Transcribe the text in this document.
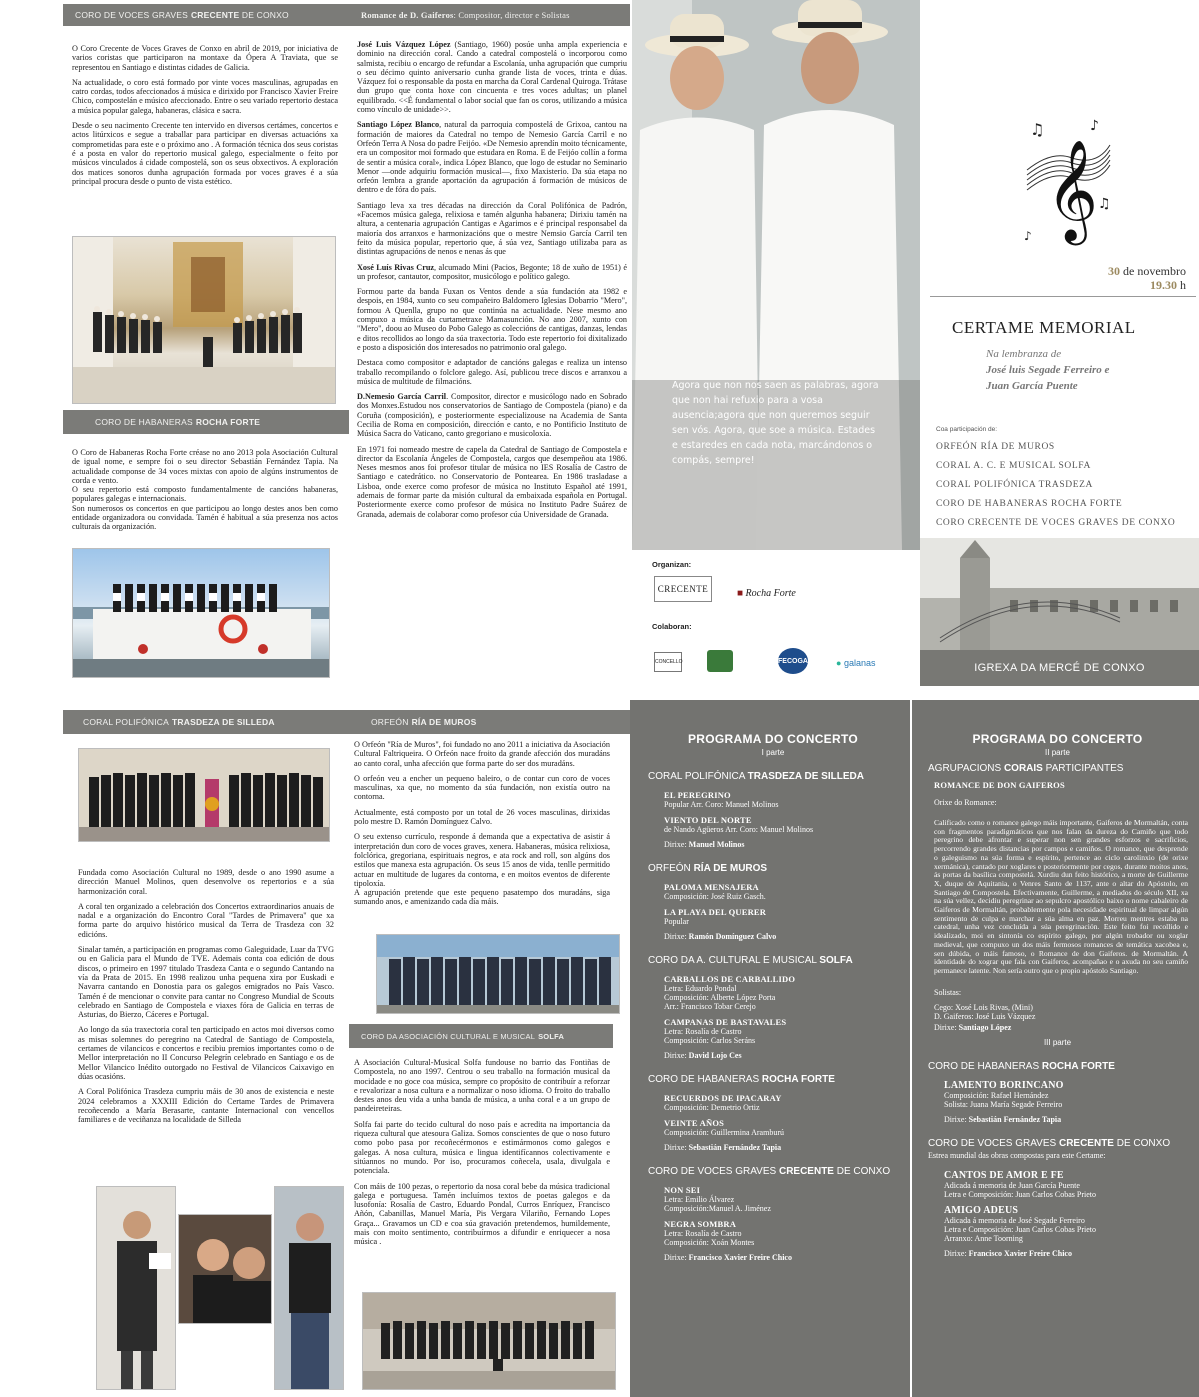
CORO DE VOCES GRAVES CRECENTE
DE CONXO	Romance de D. Gaiferos : Compositor, director e Solistas

O Coro Crecente de Voces Graves de Conxo en abril de 2019, por iniciativa de varios coristas que participaron na montaxe da Ópera A Traviata, que se representou en Santiago e distintas cidades de Galicia.

Na actualidade, o coro está formado por vinte voces masculinas, agrupadas en catro cordas, todos afeccionados á música e dirixido por Francisco Xavier Freire Chico, compostelán e músico afeccionado. Entre o seu variado repertorio destaca a música popular galega, habaneras, clásica e sacra.

Desde o seu nacimento Crecente ten intervido en diversos certámes, concertos e actos litúrxicos e segue a traballar para participar en diversas actuacións xa comprometidas para este e o próximo ano . A formación técnica dos seus coristas é a posta en valor do repertorio musical galego, especialmente o feito por músicos vinculados á cidade compostelá, son os seus obxectivos. A exploración dos matices sonoros dunha agrupación formada por voces graves é a súa principal procura desde o punto de vista estético.

CORO DE HABANERAS ROCHA FORTE

O Coro de Habaneras Rocha Forte créase no ano 2013 pola Asociación Cultural de igual nome, e sempre foi o seu director Sebastián Fernández Tapia. Na actualidade componse de 34 voces mixtas con apoio de algúns instrumentos de corda e vento.

O seu repertorio está composto fundamentalmente de cancións habaneras, populares galegas e internacionais.

Son numerosos os concertos en que participou ao longo destes anos ben como entidade organizadora ou convidada. Tamén é habitual a súa presenza nos actos culturais da organización.

José Luis Vázquez López (Santiago, 1960) posúe unha ampla experiencia e dominio na dirección coral. Cando a catedral compostelá o incorporou como salmista, recibiu o encargo de refundar a Escolanía, unha agrupación que cumpriu o seu décimo quinto aniversario cunha grande lista de voces, trinta e dúas. Vázquez foi o responsable da posta en marcha da Coral Cardenal Quiroga. Trátase dun grupo que conta hoxe con cincuenta e tres voces adultas; un planel equilibrado. <<É fundamental o labor social que fan os coros, utilizando a música como vínculo de unidade>>.

Santiago López Blanco, natural da parroquia compostelá de Grixoa, cantou na formación de maiores da Catedral no tempo de Nemesio García Carril e no Orfeón Terra A Nosa do padre Feijóo. «De Nemesio aprendín moito técnicamente, era un compositor moi formado que estudara en Roma. E de Feijóo collín a forma de sentir a música coral», indica López Blanco, que logo de estudar no Seminario Menor —onde adquiriu formación musical—, fixo Maxisterio. Da súa etapa no orfeón lembra a grande aportación da agrupación á formación de músicos de dentro e de fóra do país.

Santiago leva xa tres décadas na dirección da Coral Polifónica de Padrón, «Facemos música galega, relixiosa e tamén algunha habanera; Dirixiu tamén na altura, a centenaria agrupación Cantigas e Agarimos e é principal responsabel da maioría dos arranxos e harmonizacións que o mestre Nemsio García Carril ten feito da música popular, repertorio que, á súa vez, Santiago utilizaba para as distintas agrupacións de nenos e nenas ás que

Xosé Luís Rivas Cruz, alcumado Mini (Pacios, Begonte; 18 de xuño de 1951) é un profesor, cantautor, compositor, musicólogo e político galego.

Formou parte da banda Fuxan os Ventos dende a súa fundación ata 1982 e despois, en 1984, xunto co seu compañeiro Baldomero Iglesias Dobarrio "Mero", formou A Quenlla, grupo no que continúa na actualidade. Nese mesmo ano compuxo a música da curtametraxe Mamasunción. No ano 2007, xunto con "Mero", doou ao Museo do Pobo Galego as coleccións de cantigas, danzas, lendas e ditos recollidos ao longo da súa traxectoria. Todo este repertorio foi dixitalizado e posto a disposición dos interesados no patrimonio oral galego.

Destaca como compositor e adaptador de cancións galegas e realiza un intenso traballo recompilando o folclore galego. Así, publicou trece discos e arranxou a música de multitude de filmacións.

D.Nemesio García Carril. Compositor, director e musicólogo nado en Sobrado dos Monxes.Estudou nos conservatorios de Santiago de Compostela (piano) e da Coruña (composición), e posteriormente especializouse na Academia de Santa Cecilia de Roma en composición, dirección e canto, e no Pontificio Instituto de Música Sacra do Vaticano, canto gregoriano e musicoloxía.

En 1971 foi nomeado mestre de capela da Catedral de Santiago de Compostela e director da Escolanía Ángeles de Compostela, cargos que desempeñou ata 1986. Neses mesmos anos foi profesor titular de música no IES Rosalía de Castro de Santiago e catedrático. no Conservatorio de Pontearea. En 1986 trasladase a Lisboa, onde exerce como profesor de música no Instituto Español até 1991, ademais de formar parte da misión cultural da embaixada española en Portugal. Posteriormente exerce como profesor de música no Instituto Padre Suárez de Granada, ademais de colaborar como profesor cúa Universidade de Granada.

Agora que non nos saen as palabras, agora que non hai refuxio para a vosa ausencia;agora que non queremos seguir sen vós. Agora, que soe a música. Estades e estaredes en cada nota, marcándonos o compás, sempre!
Organizan:
CRECENTE	■ Rocha Forte
Colaboran:
CONCELLO	FECOGA	● galanas
𝄞
♫	♪
♫
♪
30 de novembro
19.30 h
CERTAME MEMORIAL
Na lembranza de
José luis Segade Ferreiro e
Juan García Puente
Coa participación de:
ORFEÓN RÍA DE MUROS
CORAL A. C. E MUSICAL SOLFA
CORAL POLIFÓNICA TRASDEZA
CORO DE HABANERAS ROCHA FORTE
CORO CRECENTE DE VOCES GRAVES DE CONXO
IGREXA DA MERCÉ DE
CONXO
CORAL POLIFÓNICA TRASDEZA DE SILLEDA	ORFEÓN RÍA DE MUROS

Fundada como Asociación Cultural no 1989, desde o ano 1990 asume a dirección Manuel Molinos, quen desenvolve os repertorios e a súa harmonización coral.

A coral ten organizado a celebración dos Concertos extraordinarios anuais de nadal e a organización do Encontro Coral "Tardes de Primavera" que xa forma parte do arquivo histórico musical da Terra de Trasdeza con 32 edicións.

Sinalar tamén, a participación en programas como Galeguidade, Luar da TVG ou en Galicia para el Mundo de TVE. Ademais conta coa edición de dous discos, o primeiro en 1997 titulado Trasdeza Canta e o segundo Cantando na vía da Prata de 2015. En 1998 realizou unha pequena xira por Euskadi e Navarra cantando en Donostia para os galegos emigrados no País Vasco. Tamén é de mencionar o convite para cantar no Congreso Mundial de Scouts celebrado en Santiago de Compostela e viaxes fóra de Galicia en terras de Asturias, do Bierzo, Cáceres e Portugal.

Ao longo da súa traxectoria coral ten participado en actos moi diversos como as misas solemnes do peregrino na Catedral de Santiago de Compostela, certames de vilancicos e concertos e recibiu premios importantes como o de Mellor interpretación no II Concurso Pelegrín celebrado en Santiago e os de Mellor Vilancico Inédito outorgado no Festival de Vilancicos Caixavigo en dúas ocasións.

A Coral Polifónica Trasdeza cumpriu máis de 30 anos de existencia e neste 2024 celebramos a XXXIII Edición do Certame Tardes de Primavera recoñecendo a María Berasarte, cantante Internacional con vencellos familiares e de veciñanza na localidade de Silleda

O Orfeón "Ría de Muros", foi fundado no ano 2011 a iniciativa da Asociación Cultural Faltriqueira. O Orfeón nace froito da grande afección dos muradáns ao canto coral, unha afección que forma parte do ser dos muradáns.

O orfeón veu a encher un pequeno baleiro, o de contar cun coro de voces masculinas, xa que, no momento da súa fundación, non existía outro na contorna.

Actualmente, está composto por un total de 26 voces masculinas, dirixidas polo mestre D. Ramón Domínguez Calvo.

O seu extenso currículo, responde á demanda que a expectativa de asistir á interpretación dun coro de voces graves, xenera. Habaneras, música relixiosa, folclórica, gregoriana, espirituais negros, e ata rock and roll, son algúns dos estilos que manexa esta agrupación. Os seus 15 anos de vida, tenlle permitido actuar en multitude de lugares da contorna, e en moitos eventos de diferente tipoloxía.

A agrupación pretende que este pequeno pasatempo dos muradáns, siga sumando anos, e amenizando cada día máis.

CORO DA ASOCIACIÓN CULTURAL E MUSICAL SOLFA

A Asociación Cultural-Musical Solfa fundouse no barrio das Fontiñas de Compostela, no ano 1997. Centrou o seu traballo na formación musical da mocidade e no goce coa música, sempre co propósito de contribuír a reforzar e revalorizar a nosa cultura e a normalizar o noso idioma. O froito do traballo destes anos deu vida a unha banda de música, a unha coral e a un grupo de pandeireteiras.

Solfa fai parte do tecido cultural do noso país e acredita na importancia da riqueza cultural que atesoura Galiza. Somos conscientes de que o noso futuro como pobo pasa por recoñecérmonos e estimármonos como galegos e galegas. A nosa cultura, música e lingua identifícannos colectivamente e sitúannos no mundo. Por iso, procuramos coñecela, usala, divulgala e potenciala.

Con máis de 100 pezas, o repertorio da nosa coral bebe da música tradicional galega e portuguesa. Tamén incluímos textos de poetas galegos e da lusofonía: Rosalía de Castro, Eduardo Pondal, Curros Enríquez, Francisco Añón, Cabanillas, Manuel María, Pis Vergara Vilariño, Fernando Lopes Graça... Gravamos un CD e coa súa gravación pretendemos, humildemente, mais con moito sentimento, contribuírmos a difundir e enriquecer a nosa música .

PROGRAMA DO CONCERTO
I parte
CORAL POLIFÓNICA TRASDEZA DE SILLEDA
EL PEREGRINO
Popular Arr. Coro: Manuel Molinos
VIENTO DEL NORTE
de Nando Agüeros Arr. Coro: Manuel Molinos
Dirixe: Manuel Molinos
ORFEÓN RÍA DE MUROS
PALOMA MENSAJERA
Composición: José Ruiz Gasch.
LA PLAYA DEL QUERER
Popular
Dirixe: Ramón Domínguez Calvo
CORO DA A. CULTURAL E MUSICAL SOLFA
CARBALLOS DE CARBALLIDO
Letra: Eduardo Pondal
Composición: Alberte López Porta
Arr.: Francisco Tobar Cerejo
CAMPANAS DE BASTAVALES
Letra: Rosalía de Castro
Composición: Carlos Seráns
Dirixe: David Lojo Ces
CORO DE HABANERAS ROCHA FORTE
RECUERDOS DE IPACARAY
Composición: Demetrio Ortiz
VEINTE AÑOS
Composición: Guillermina Aramburú
Dirixe: Sebastián Fernández Tapia
CORO DE VOCES GRAVES CRECENTE DE CONXO
NON SEI
Letra: Emilio Álvarez
Composición:Manuel A. Jiménez
NEGRA SOMBRA
Letra: Rosalía de Castro
Composición: Xoán Montes
Dirixe: Francisco Xavier Freire Chico
PROGRAMA DO CONCERTO
II parte
AGRUPACIONS CORAIS PARTICIPANTES
ROMANCE DE DON GAIFEROS
Orixe do Romance:
Calificado como o romance galego máis importante, Gaiferos de Mormaltán, conta con fragmentos paradigmáticos que nos falan da dureza do Camiño que todo peregrino debe afrontar e superar non sen grandes esforzos e sacrificios, percorrendo grandes distancias por campos e camiños. O romance, que desprende o galeguismo na súa forma e espírito, pertence ao ciclo carolinxio (de orixe xermánica), cantado por xoglares e posteriormente por cegos, durante moitos anos, ás portas da basílica compostelá. Xurdiu dun feito histórico, a morte de Guillerme X, duque de Aquitania, o Venres Santo de 1137, ante o altar do Apóstolo, en Santiago de Compostela. Efectivamente, Guillerme, a mediados do século XII, xa na súa vellez, decidiu peregrinar ao sepulcro apostólico baixo o nome cabaleiro de Gaiferos de Mormaltán, probablemente pola necesidade espiritual de limpar algún sentimento de culpa e marchar a súa alma en paz. Morreu mentres estaba na catedral, unha vez concluída a súa peregrinación. Este feito foi recollido e idealizado, moi en sintonía co espírito galego, por algún trobador ou xoglar medieval, que compuxo un dos máis fermosos romances de temática xacobea e, sen dúbida, o máis famoso, o Romance de don Gaiferos. de Mormaltán. A identidade do xograr que fala con Gaiferos, acompañao e o axuda no seu camiño permanece latente. Non sería outro que o propio apóstolo Santiago.
Solistas:
Cego: Xosé Lois Rivas, (Mini)
D. Gaiferos: José Luis Vázquez
Dirixe: Santiago López
III parte
CORO DE HABANERAS ROCHA FORTE
LAMENTO BORINCANO
Composición: Rafael Hernández
Solista: Juana María Segade Ferreiro
Dirixe: Sebastián Fernández Tapia
CORO DE VOCES GRAVES CRECENTE DE CONXO
Estrea mundial das obras compostas para este Certame:
CANTOS DE AMOR E FE
Adicada á memoria de Juan García Puente
Letra e Composición: Juan Carlos Cobas Prieto
AMIGO ADEUS
Adicada á memoria de José Segade Ferreiro
Letra e Composición: Juan Carlos Cobas Prieto
Arranxo: Anne Toorning
Dirixe: Francisco Xavier Freire Chico
